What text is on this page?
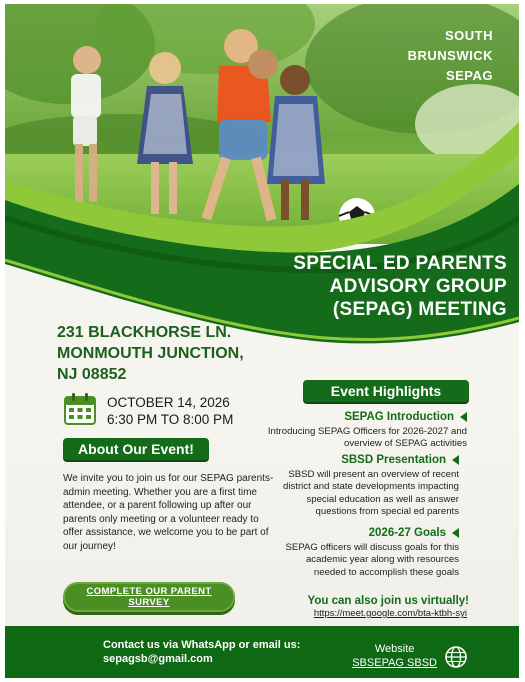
SOUTH
BRUNSWICK
SEPAG
SPECIAL ED PARENTS
ADVISORY GROUP
(SEPAG) MEETING
231 BLACKHORSE LN.
MONMOUTH JUNCTION,
NJ 08852
OCTOBER 14, 2026
6:30 PM TO 8:00 PM
About Our Event!
We invite you to join us for our SEPAG parents-admin meeting. Whether you are a first time attendee, or a parent following up after our parents only meeting or a volunteer ready to offer assistance, we welcome you to be part of our journey!
COMPLETE OUR PARENT
SURVEY
Event Highlights
SEPAG Introduction
Introducing SEPAG Officers for 2026-2027 and overview of SEPAG activities
SBSD Presentation
SBSD will present an overview of recent district and state developments impacting special education as well as answer questions from special ed parents
2026-27 Goals
SEPAG officers will discuss goals for this academic year along with resources needed to accomplish these goals
You can also join us virtually!
https://meet.google.com/bta-ktbh-syi
Contact us via WhatsApp or email us:
sepagsb@gmail.com
Website
SBSEPAG SBSD
